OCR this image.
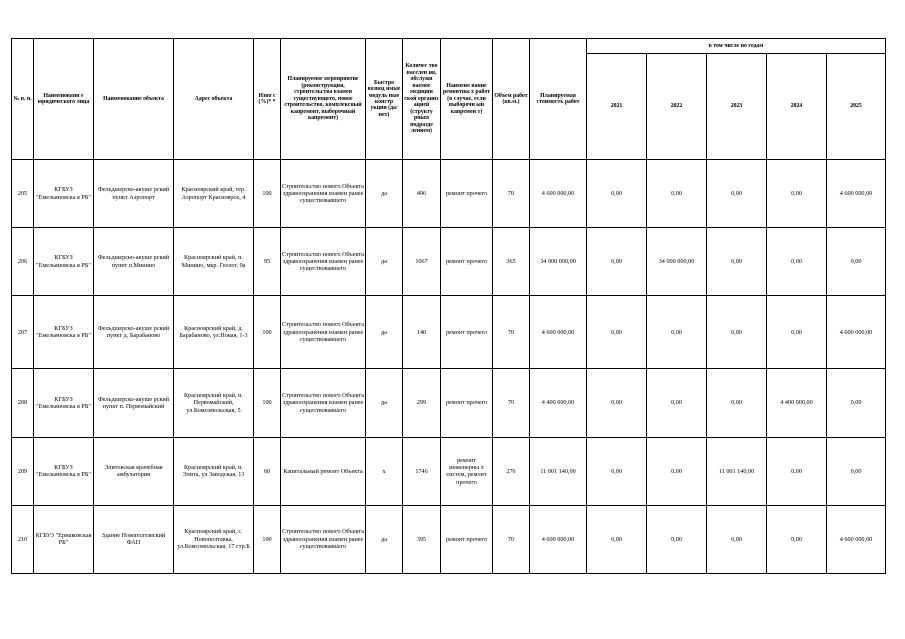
№ п. п.	Наименовани е юридического лица	Наименование объекта	Адрес объекта	Изно с (%)* *	Планируемое мероприятие (реконструкция, строительства взамен существующего, новое строительство, комплексный капремонт, выборочный капремонт)	Быстро возвод имые модуль ные констр укции (да/нет)	Количес тво населен ия, обслужи ваемое медицин ской организ ацией (структу рным подразде лением)	Наимено вание ремонтны х работ (в случае, если выборочн ый капремон т)	Объем работ (кв.м.)	Планируемая стоимость работ	в том числе по годам				
											2021	2022	2023	2024	2025
205	КГБУЗ "Емельяновска я РБ"	Фельдшерско-акуше рский пункт Аэропорт	Красноярский край, тер. Аэропорт Красноярск, 4	100	Строительство нового Объекта здравоохранения взамен ранее существовавшего	да	496	ремонт прочего	70	4 600 000,00	0,00	0,00	0,00	0,00	4 600 000,00
206	КГБУЗ "Емельяновска я РБ"	Фельдшерско-акуше рский пункт п.Минино	Красноярский край, п. Минино, мкр. Геолог, 9а	95	Строительство нового Объекта здравоохранения взамен ранее существовавшего	да	1067	ремонт прочего	365	34 000 000,00	0,00	34 000 000,00	0,00	0,00	0,00
207	КГБУЗ "Емельяновска я РБ"	Фельдшерско-акуше рский пункт д. Барабаново	Красноярский край, д. Барабаново, ул.Новая, 1-3	100	Строительство нового Объекта здравоохранения взамен ранее существовавшего	да	140	ремонт прочего	70	4 600 000,00	0,00	0,00	0,00	0,00	4 600 000,00
208	КГБУЗ "Емельяновска я РБ"	Фельдшерско-акуше рский пункт п. Первомайский	Красноярский край, п. Первомайский, ул.Комсомольская, 5	100	Строительство нового Объекта здравоохранения взамен ранее существовавшего	да	299	ремонт прочего	70	4 400 000,00	0,00	0,00	0,00	4 400 000,00	0,00
209	КГБУЗ "Емельяновска я РБ"	Элитовская врачебная амбулатория	Красноярский край, п. Элита, ул Заводская, 13	60	Капитальный ремонт Объекта	х	1746	ремонт инженерны х систем, ремонт прочего	276	11 001 140,00	0,00	0,00	11 001 140,00	0,00	0,00
210	КГБУЗ "Ермаковская РБ"	Здание Новополтавский ФАП	Красноярский край, с. Новополтавка, ул.Комсомольская, 17 стр.Б	100	Строительство нового Объекта здравоохранения взамен ранее существовавшего	да	395	ремонт прочего	70	4 600 000,00	0,00	0,00	0,00	0,00	4 600 000,00
